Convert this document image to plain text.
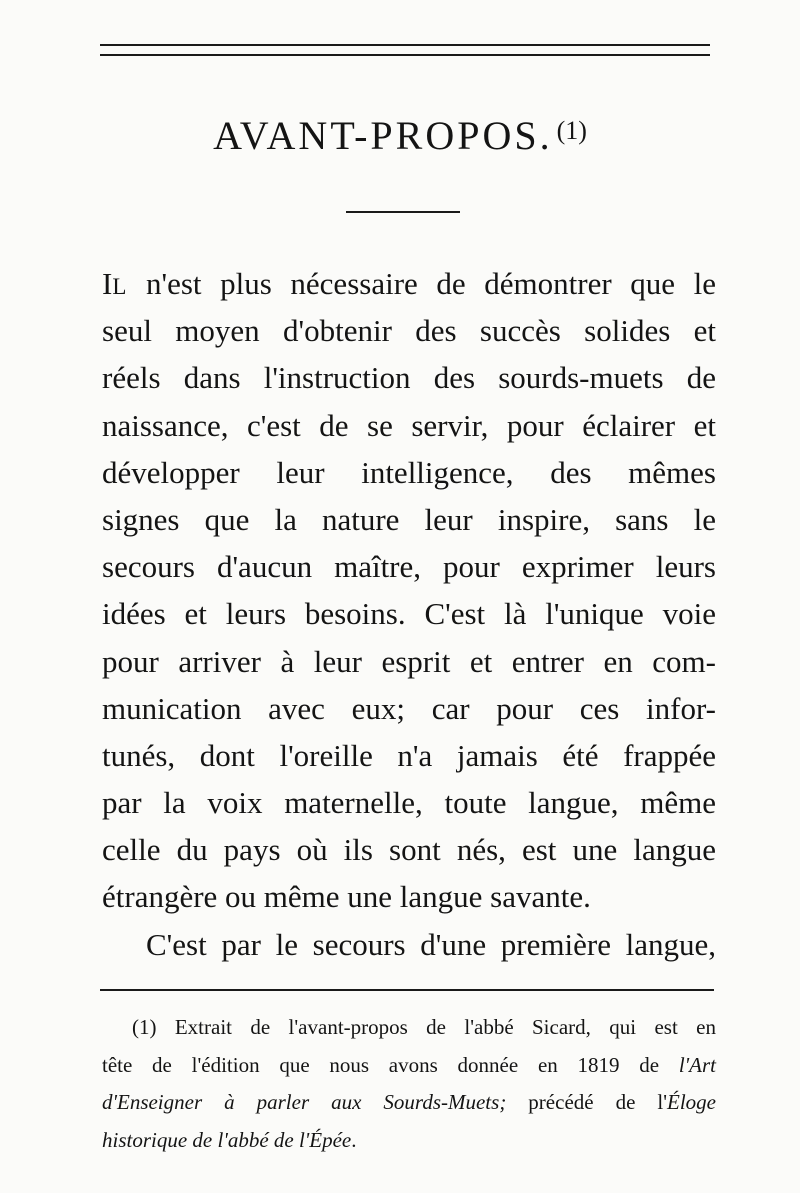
AVANT-PROPOS. $^{(1)}$
IL n'est plus nécessaire de démontrer que le
seul moyen d'obtenir des succès solides et
réels dans l'instruction des sourds-muets de
naissance, c'est de se servir, pour éclairer et
développer leur intelligence, des mêmes
signes que la nature leur inspire, sans le
secours d'aucun maître, pour exprimer leurs
idées et leurs besoins. C'est là l'unique voie
pour arriver à leur esprit et entrer en com-
munication avec eux; car pour ces infor-
tunés, dont l'oreille n'a jamais été frappée
par la voix maternelle, toute langue, même
celle du pays où ils sont nés, est une langue
étrangère ou même une langue savante.
C'est par le secours d'une première langue,
(1) Extrait de l'avant-propos de l'abbé Sicard, qui est en
tête de l'édition que nous avons donnée en 1819 de l'Art
d'Enseigner à parler aux Sourds-Muets; précédé de l'Éloge
historique de l'abbé de l'Épée.
